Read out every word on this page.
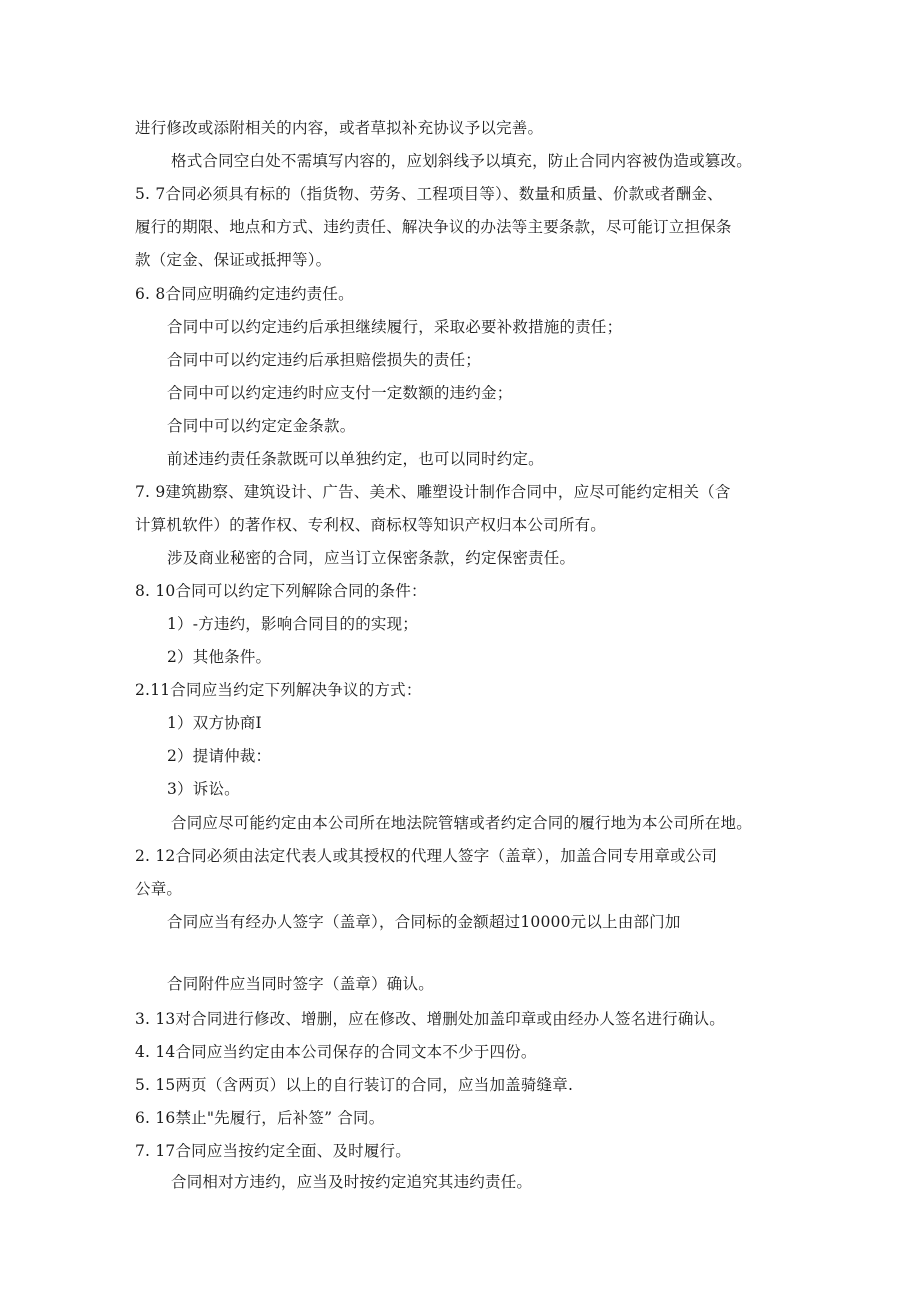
进行修改或添附相关的内容，或者草拟补充协议予以完善。
格式合同空白处不需填写内容的，应划斜线予以填充，防止合同内容被伪造或篡改。
5. 7合同必须具有标的（指货物、劳务、工程项目等）、数量和质量、价款或者酬金、
履行的期限、地点和方式、违约责任、解决争议的办法等主要条款，尽可能订立担保条
款（定金、保证或抵押等）。
6. 8合同应明确约定违约责任。
合同中可以约定违约后承担继续履行，采取必要补救措施的责任；
合同中可以约定违约后承担赔偿损失的责任；
合同中可以约定违约时应支付一定数额的违约金；
合同中可以约定定金条款。
前述违约责任条款既可以单独约定，也可以同时约定。
7. 9建筑勘察、建筑设计、广告、美术、雕塑设计制作合同中，应尽可能约定相关（含
计算机软件）的著作权、专利权、商标权等知识产权归本公司所有。
涉及商业秘密的合同，应当订立保密条款，约定保密责任。
8. 10合同可以约定下列解除合同的条件：
1）-方违约，影响合同目的的实现；
2）其他条件。
2.11合同应当约定下列解决争议的方式：
1）双方协商I
2）提请仲裁：
3）诉讼。
合同应尽可能约定由本公司所在地法院管辖或者约定合同的履行地为本公司所在地。
2. 12合同必须由法定代表人或其授权的代理人签字（盖章），加盖合同专用章或公司
公章。
合同应当有经办人签字（盖章），合同标的金额超过10000元以上由部门加
合同附件应当同时签字（盖章）确认。
3. 13对合同进行修改、增删，应在修改、增删处加盖印章或由经办人签名进行确认。
4. 14合同应当约定由本公司保存的合同文本不少于四份。
5. 15两页（含两页）以上的自行装订的合同，应当加盖骑缝章.
6. 16禁止"先履行，后补签” 合同。
7. 17合同应当按约定全面、及时履行。
合同相对方违约，应当及时按约定追究其违约责任。
